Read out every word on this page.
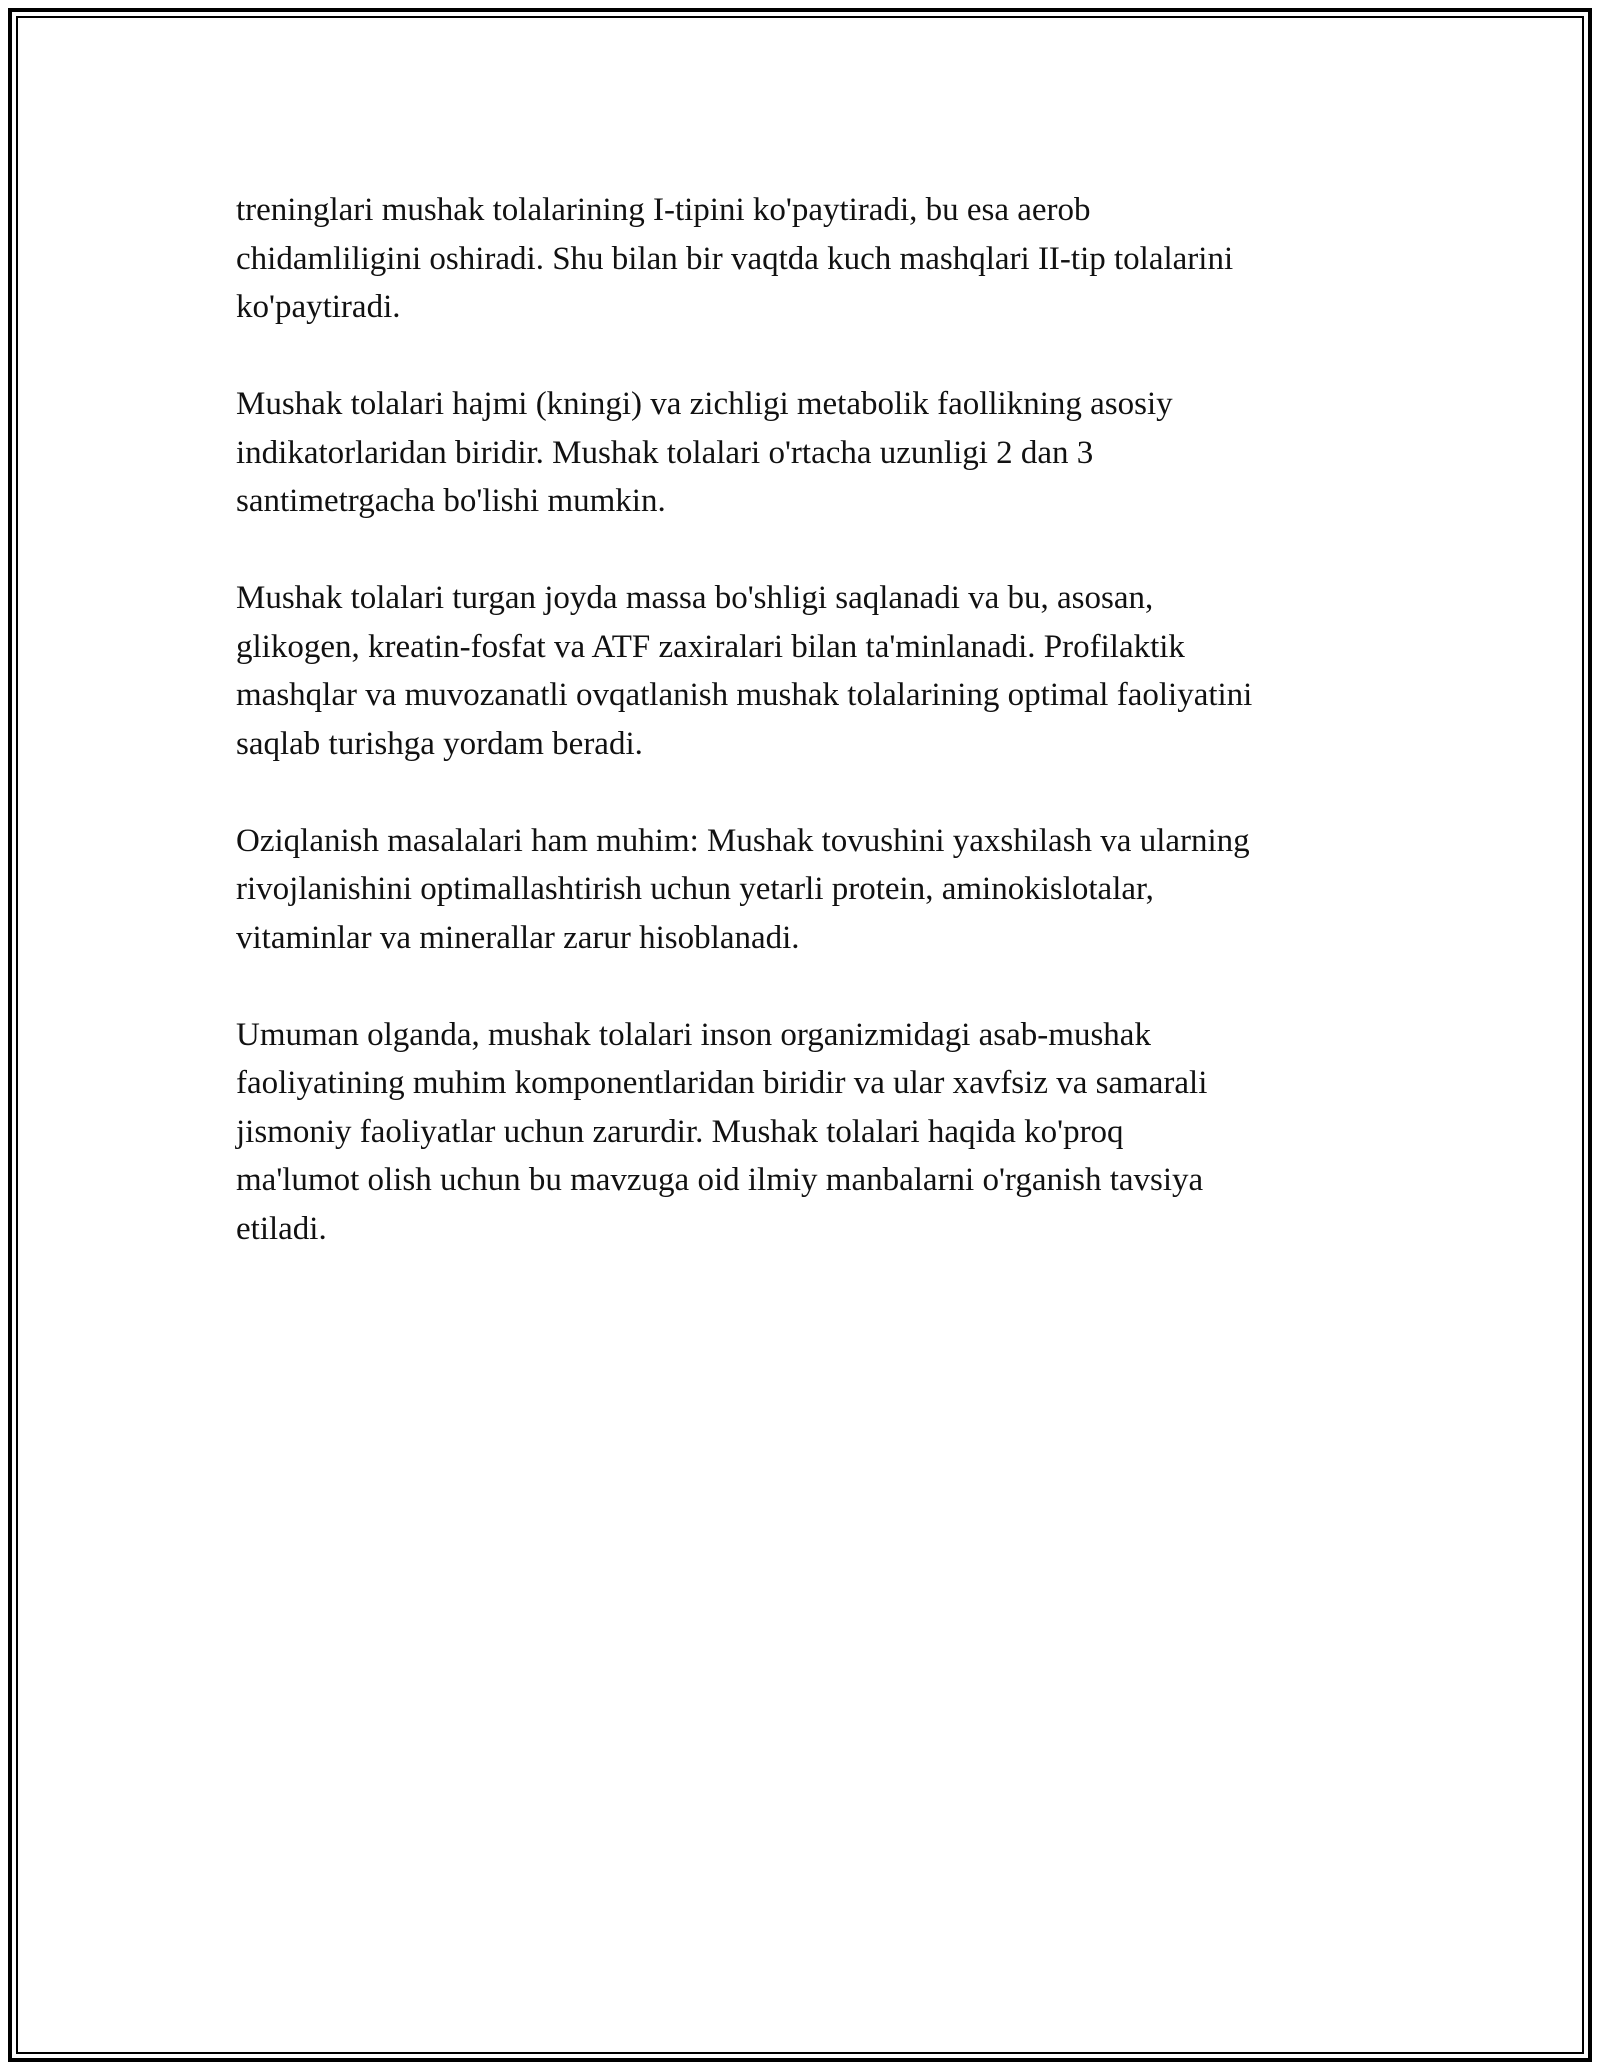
treninglari mushak tolalarining I-tipini ko'paytiradi, bu esa aerob
chidamliligini oshiradi. Shu bilan bir vaqtda kuch mashqlari II-tip tolalarini
ko'paytiradi.

Mushak tolalari hajmi (kningi) va zichligi metabolik faollikning asosiy
indikatorlaridan biridir. Mushak tolalari o'rtacha uzunligi 2 dan 3
santimetrgacha bo'lishi mumkin.

Mushak tolalari turgan joyda massa bo'shligi saqlanadi va bu, asosan,
glikogen, kreatin-fosfat va ATF zaxiralari bilan ta'minlanadi. Profilaktik
mashqlar va muvozanatli ovqatlanish mushak tolalarining optimal faoliyatini
saqlab turishga yordam beradi.

Oziqlanish masalalari ham muhim: Mushak tovushini yaxshilash va ularning
rivojlanishini optimallashtirish uchun yetarli protein, aminokislotalar,
vitaminlar va minerallar zarur hisoblanadi.

Umuman olganda, mushak tolalari inson organizmidagi asab-mushak
faoliyatining muhim komponentlaridan biridir va ular xavfsiz va samarali
jismoniy faoliyatlar uchun zarurdir. Mushak tolalari haqida ko'proq
ma'lumot olish uchun bu mavzuga oid ilmiy manbalarni o'rganish tavsiya
etiladi.
